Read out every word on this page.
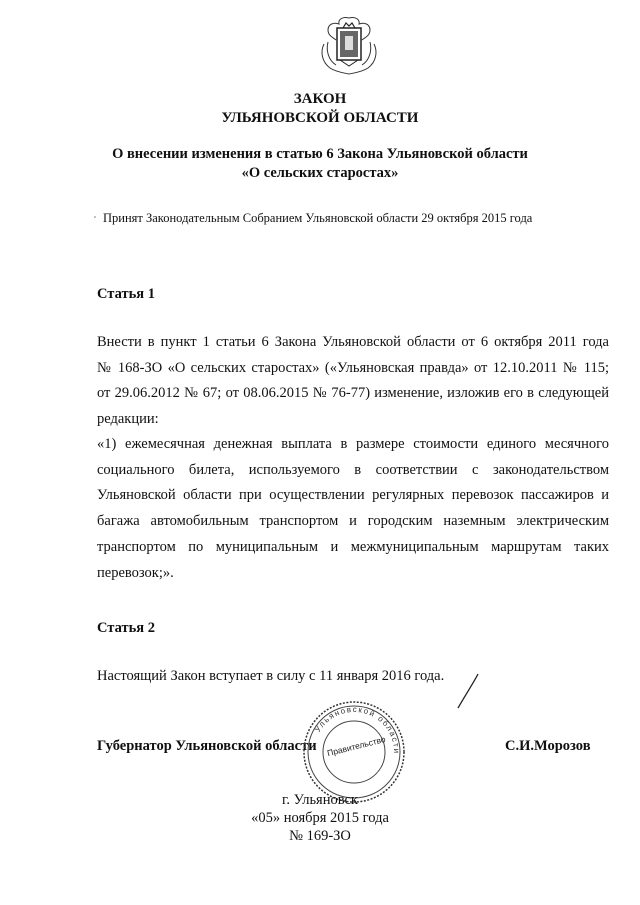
ЗАКОН
УЛЬЯНОВСКОЙ ОБЛАСТИ
О внесении изменения в статью 6 Закона Ульяновской области
«О сельских старостах»
Принят Законодательным Собранием Ульяновской области 29 октября 2015 года
Статья 1
Внести в пункт 1 статьи 6 Закона Ульяновской области от 6 октября 2011 года
№ 168-ЗО «О сельских старостах» («Ульяновская правда» от 12.10.2011 № 115;
от 29.06.2012 № 67; от 08.06.2015 № 76-77) изменение, изложив его в следующей
редакции:
«1) ежемесячная денежная выплата в размере стоимости единого месячного
социального билета, используемого в соответствии с законодательством
Ульяновской области при осуществлении регулярных перевозок пассажиров и
багажа автомобильным транспортом и городским наземным электрическим
транспортом по муниципальным и межмуниципальным маршрутам таких
перевозок;».
Статья 2
Настоящий Закон вступает в силу с 11 января 2016 года.
Губернатор Ульяновской области	С.И.Морозов
Ульяновской области
Правительство
г. Ульяновск
«05» ноября 2015 года
№ 169-ЗО
